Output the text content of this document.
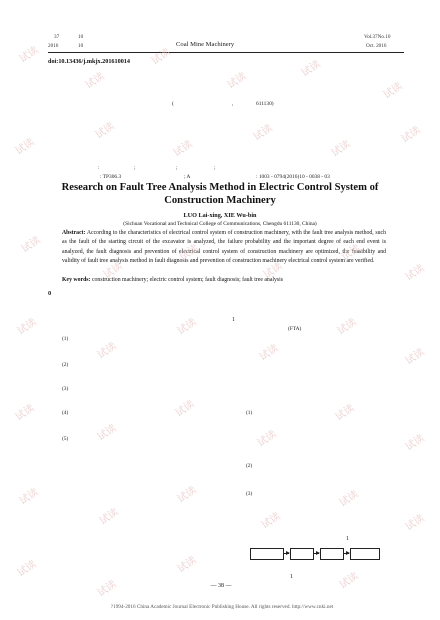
37	10
2016	10	Coal Mine Machinery
Vol.37No.10
Oct. 2016
doi:10.13436/j.mkjx.201610014
(	,	611130)
:	;	;	;
: TP306.3	; A	: 1003 - 0794(2016)10 - 0038 - 03
Research on Fault Tree Analysis Method in Electric Control System of
Construction Machinery
LUO Lai-xing, XIE Wu-bin
(Sichuan Vocational and Technical College of Communications, Chengdu 611130, China)
Abstract: According to the characteristics of electrical control system of construction machinery, with the fault tree analysis method, such as the fault of the starting circuit of the excavator is analyzed, the failure probability and the important degree of each end event is analyzed, the fault diagnosis and prevention of electrical control system of construction machinery are optimized, the feasibility and validity of fault tree analysis method in fault diagnosis and prevention of construction machinery electrical control system are verified.
Key words: construction machinery; electric control system; fault diagnosis; fault tree analysis
0
1
(FTA)
(1)
(2)
(3)
(4)
(5)
(1)
(2)
(3)
1
1
— 38 —
?1994-2016 China Academic Journal Electronic Publishing House. All rights reserved. http://www.cnki.net
试读
试读
试读
试读
试读
试读
试读
试读
试读
试读
试读
试读
试读
试读
试读
试读
试读
试读
试读
试读
试读
试读
试读
试读
试读
试读
试读
试读
试读
试读
试读
试读
试读
试读
试读
试读
试读
试读
试读
试读
